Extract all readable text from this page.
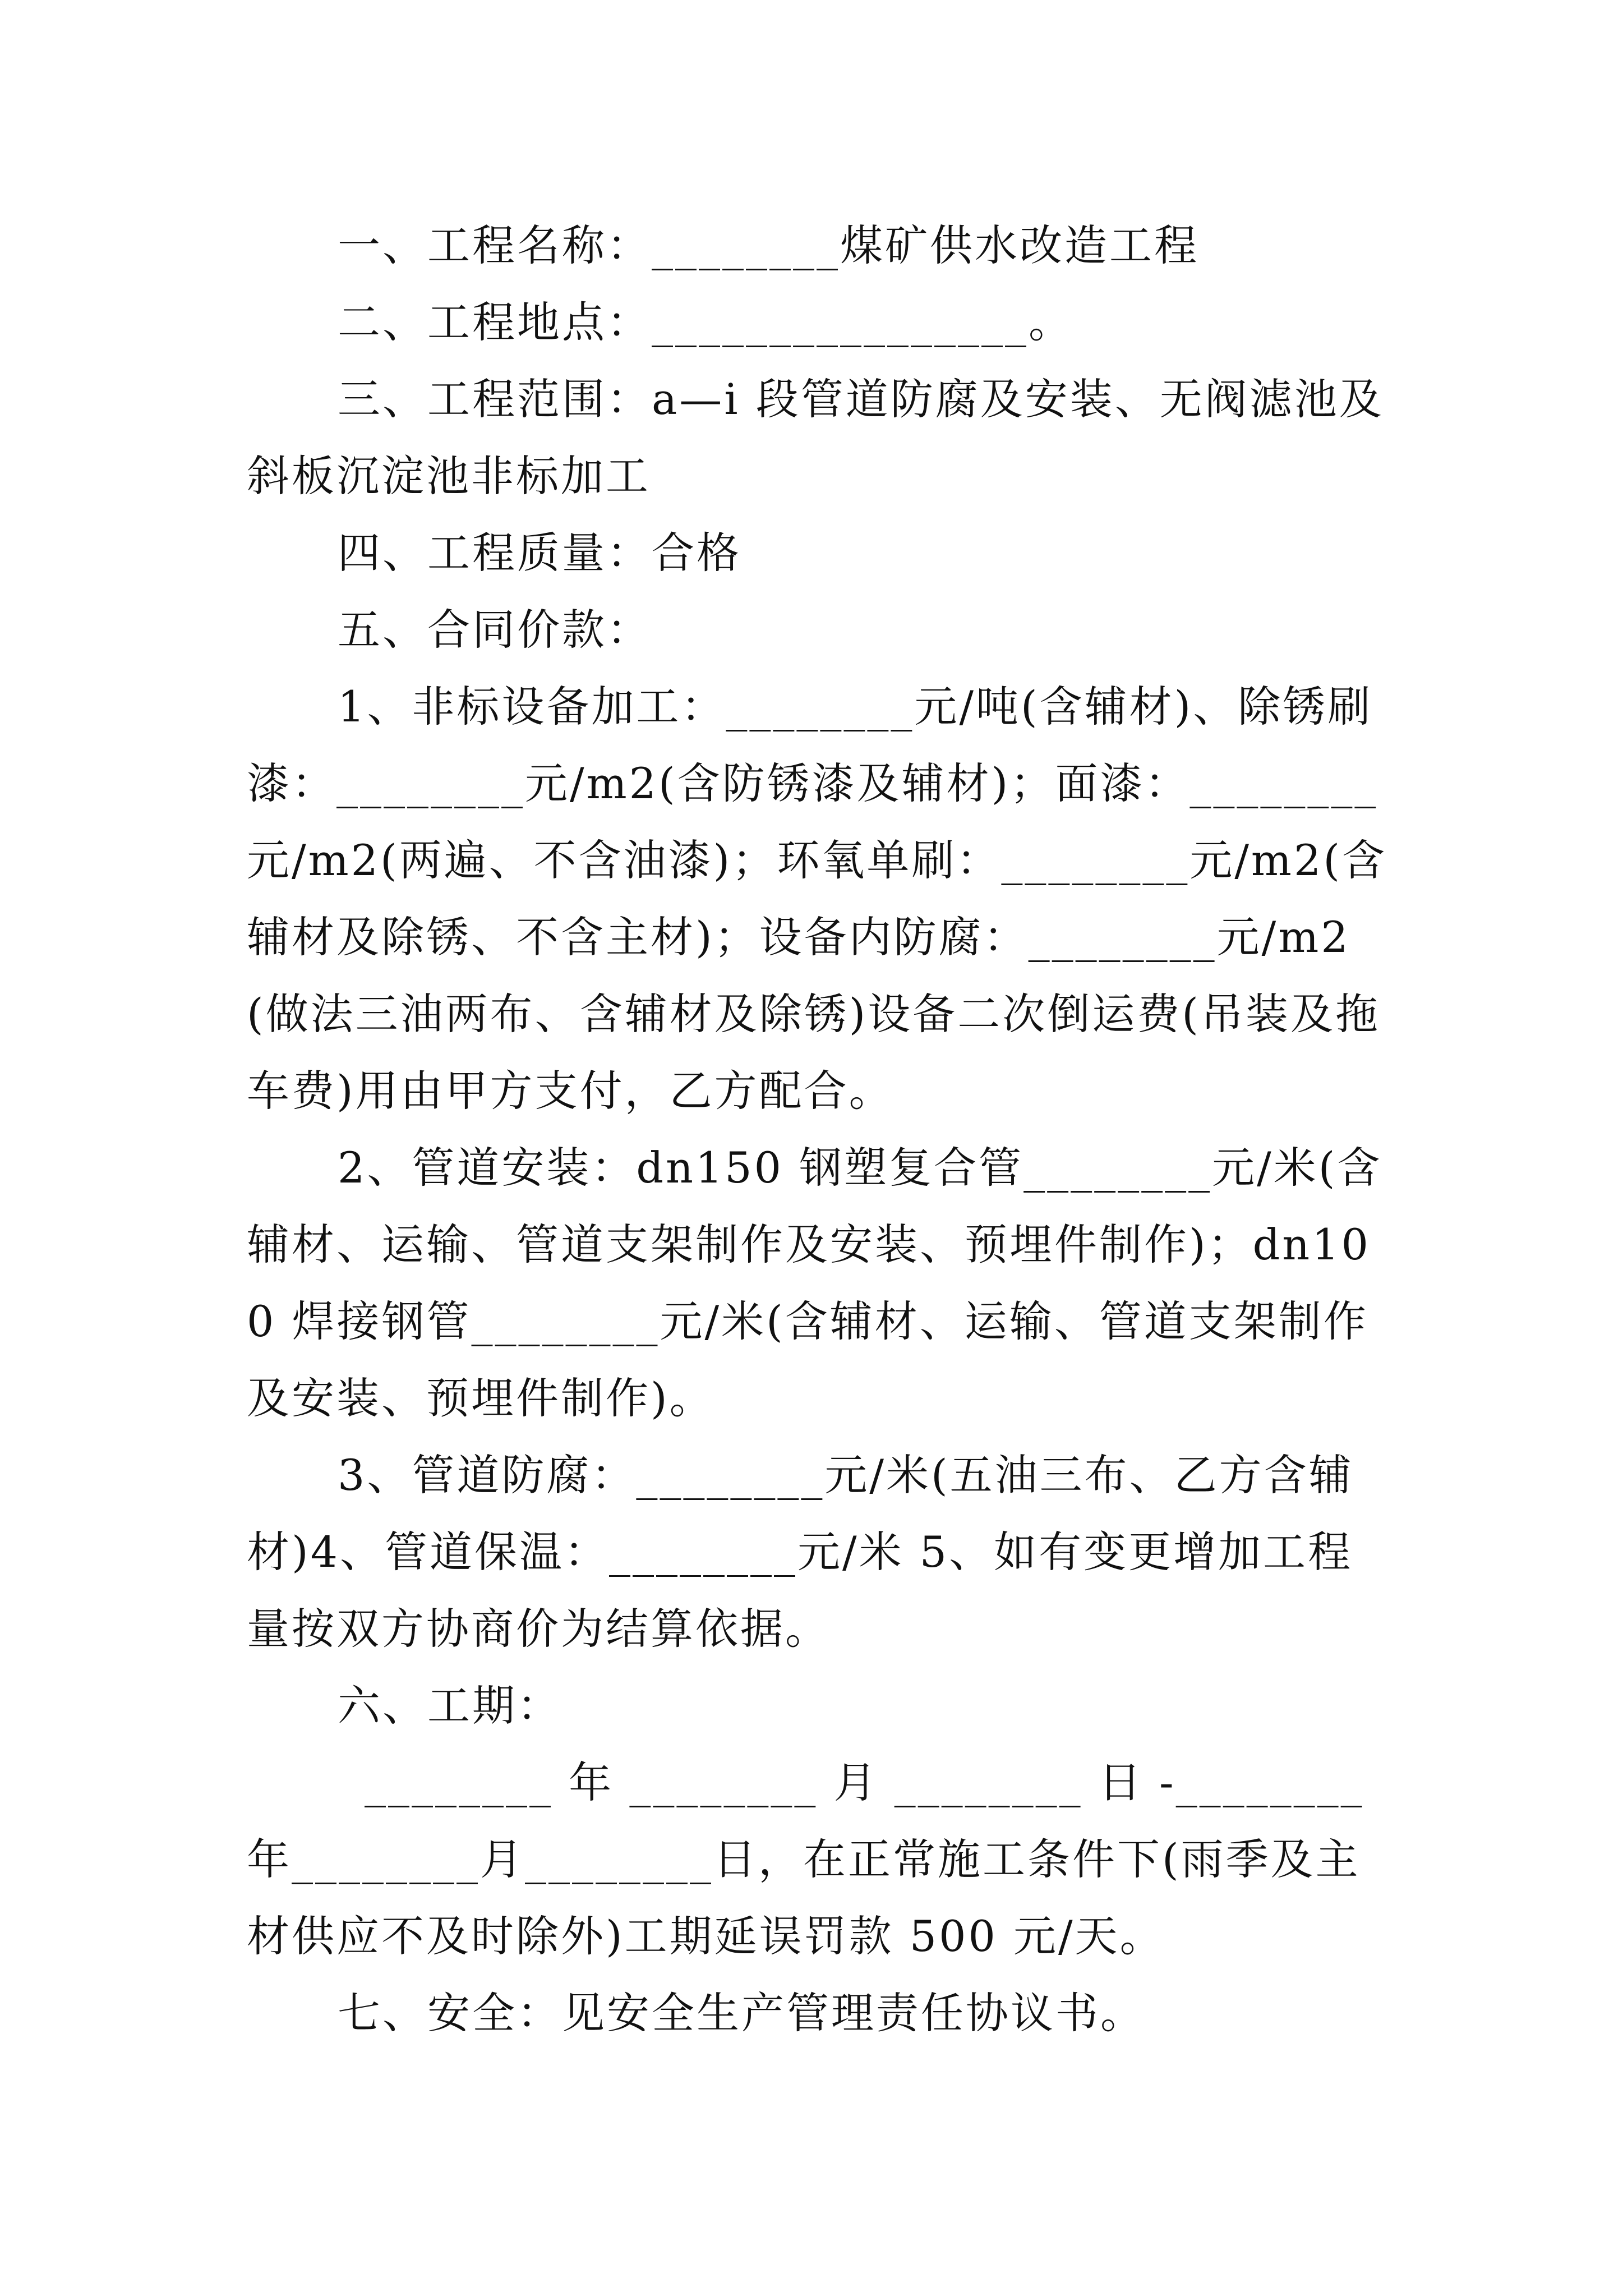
一、工程名称：________煤矿供水改造工程

二、工程地点：________________。

三、工程范围：a—i 段管道防腐及安装、无阀滤池及斜板沉淀池非标加工

四、工程质量：合格

五、合同价款：

1、非标设备加工：________元/吨(含辅材)、除锈刷漆：________元/m2(含防锈漆及辅材)；面漆：________元/m2(两遍、不含油漆)；环氧单刷：________元/m2(含辅材及除锈、不含主材)；设备内防腐：________元/m2(做法三油两布、含辅材及除锈)设备二次倒运费(吊装及拖车费)用由甲方支付，乙方配合。

2、管道安装：dn150 钢塑复合管________元/米(含辅材、运输、管道支架制作及安装、预埋件制作)；dn100 焊接钢管________元/米(含辅材、运输、管道支架制作及安装、预埋件制作)。

3、管道防腐：________元/米(五油三布、乙方含辅材)4、管道保温：________元/米 5、如有变更增加工程量按双方协商价为结算依据。

六、工期：

________ 年 ________ 月 ________ 日 -________ 年________月________日，在正常施工条件下(雨季及主材供应不及时除外)工期延误罚款 500 元/天。

七、安全：见安全生产管理责任协议书。
